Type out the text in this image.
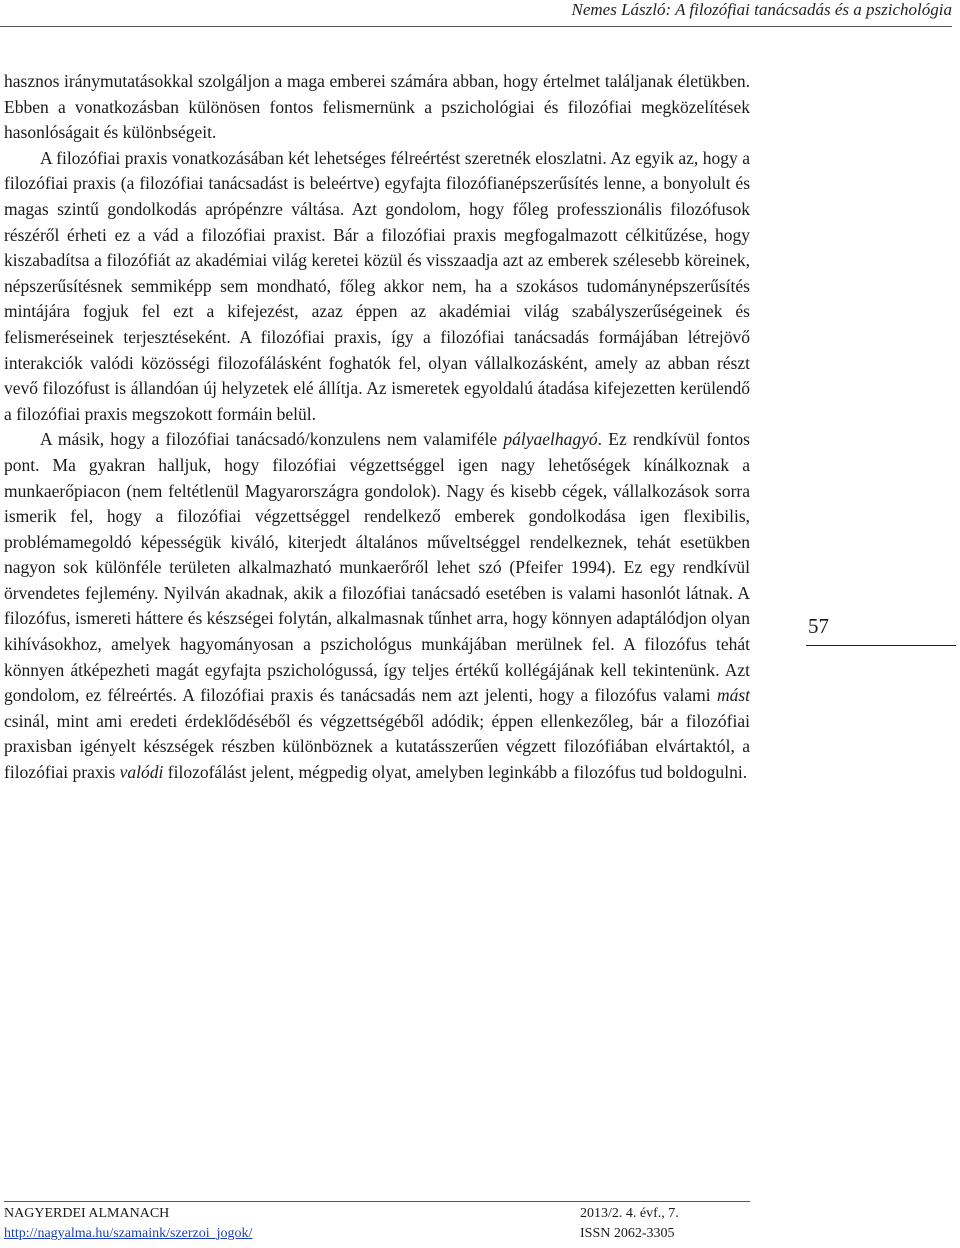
Nemes László: A filozófiai tanácsadás és a pszichológia

hasznos iránymutatásokkal szolgáljon a maga emberei számára abban, hogy értelmet találjanak életükben. Ebben a vonatkozásban különösen fontos felismernünk a pszichológiai és filozófiai megközelítések hasonlóságait és különbségeit.

A filozófiai praxis vonatkozásában két lehetséges félreértést szeretnék eloszlatni. Az egyik az, hogy a filozófiai praxis (a filozófiai tanácsadást is beleértve) egyfajta filozófianépszerűsítés lenne, a bonyolult és magas szintű gondolkodás aprópénzre váltása. Azt gondolom, hogy főleg professzionális filozófusok részéről érheti ez a vád a filozófiai praxist. Bár a filozófiai praxis megfogalmazott célkitűzése, hogy kiszabadítsa a filozófiát az akadémiai világ keretei közül és visszaadja azt az emberek szélesebb köreinek, népszerűsítésnek semmiképp sem mondható, főleg akkor nem, ha a szokásos tudománynépszerűsítés mintájára fogjuk fel ezt a kifejezést, azaz éppen az akadémiai világ szabályszerűségeinek és felismeréseinek terjesztéseként. A filozófiai praxis, így a filozófiai tanácsadás formájában létrejövő interakciók valódi közösségi filozofálásként foghatók fel, olyan vállalkozásként, amely az abban részt vevő filozófust is állandóan új helyzetek elé állítja. Az ismeretek egyoldalú átadása kifejezetten kerülendő a filozófiai praxis megszokott formáin belül.

A másik, hogy a filozófiai tanácsadó/konzulens nem valamiféle pályaelhagyó. Ez rendkívül fontos pont. Ma gyakran halljuk, hogy filozófiai végzettséggel igen nagy lehetőségek kínálkoznak a munkaerőpiacon (nem feltétlenül Magyarországra gondolok). Nagy és kisebb cégek, vállalkozások sorra ismerik fel, hogy a filozófiai végzettséggel rendelkező emberek gondolkodása igen flexibilis, problémamegoldó képességük kiváló, kiterjedt általános műveltséggel rendelkeznek, tehát esetükben nagyon sok különféle területen alkalmazható munkaerőről lehet szó (Pfeifer 1994). Ez egy rendkívül örvendetes fejlemény. Nyilván akadnak, akik a filozófiai tanácsadó esetében is valami hasonlót látnak. A filozófus, ismereti háttere és készségei folytán, alkalmasnak tűnhet arra, hogy könnyen adaptálódjon olyan kihívásokhoz, amelyek hagyományosan a pszichológus munkájában merülnek fel. A filozófus tehát könnyen átképezheti magát egyfajta pszichológussá, így teljes értékű kollégájának kell tekintenünk. Azt gondolom, ez félreértés. A filozófiai praxis és tanácsadás nem azt jelenti, hogy a filozófus valami mást csinál, mint ami eredeti érdeklődéséből és végzettségéből adódik; éppen ellenkezőleg, bár a filozófiai praxisban igényelt készségek részben különböznek a kutatásszerűen végzett filozófiában elvártaktól, a filozófiai praxis valódi filozofálást jelent, mégpedig olyat, amelyben leginkább a filozófus tud boldogulni.

57
NAGYERDEI ALMANACH	2013/2. 4. évf., 7.
http://nagyalma.hu/szamaink/szerzoi_jogok/	ISSN 2062-3305
